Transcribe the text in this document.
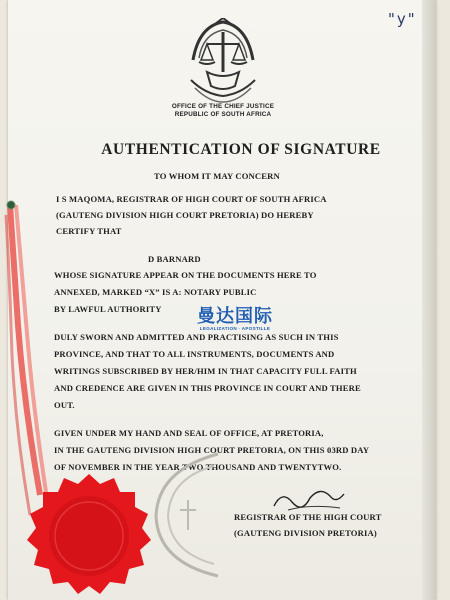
"y"
OFFICE OF THE CHIEF JUSTICE
REPUBLIC OF SOUTH AFRICA
AUTHENTICATION OF SIGNATURE
TO WHOM IT MAY CONCERN
I S MAQOMA, REGISTRAR OF HIGH COURT OF SOUTH AFRICA
(GAUTENG DIVISION HIGH COURT PRETORIA) DO HEREBY
CERTIFY THAT
D BARNARD
WHOSE SIGNATURE APPEAR ON THE DOCUMENTS HERE TO
ANNEXED, MARKED “X” IS A: NOTARY PUBLIC
BY LAWFUL AUTHORITY
DULY SWORN AND ADMITTED AND PRACTISING AS SUCH IN THIS
PROVINCE, AND THAT TO ALL INSTRUMENTS, DOCUMENTS AND
WRITINGS SUBSCRIBED BY HER/HIM IN THAT CAPACITY FULL FAITH
AND CREDENCE ARE GIVEN IN THIS PROVINCE IN COURT AND THERE
OUT.
GIVEN UNDER MY HAND AND SEAL OF OFFICE, AT PRETORIA,
IN THE GAUTENG DIVISION HIGH COURT PRETORIA, ON THIS 03RD DAY
OF NOVEMBER IN THE YEAR TWO THOUSAND AND TWENTYTWO.
曼达国际
LEGALIZATION · APOSTILLE
REGISTRAR OF THE HIGH COURT
(GAUTENG DIVISION PRETORIA)
